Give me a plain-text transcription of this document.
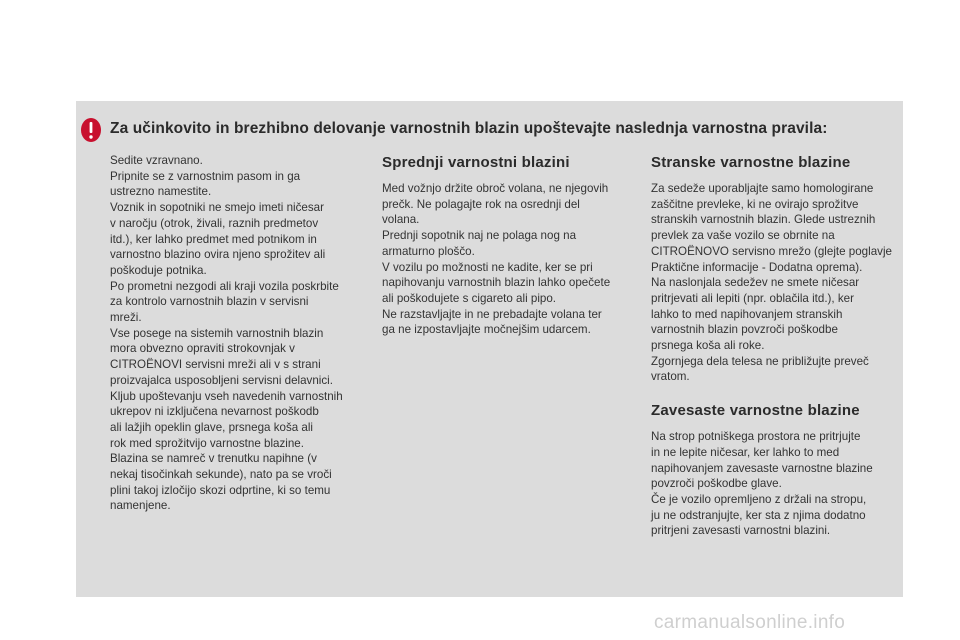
Za učinkovito in brezhibno delovanje varnostnih blazin upoštevajte naslednja varnostna pravila:

Sedite vzravnano.

Pripnite se z varnostnim pasom in ga

ustrezno namestite.

Voznik in sopotniki ne smejo imeti ničesar

v naročju (otrok, živali, raznih predmetov

itd.), ker lahko predmet med potnikom in

varnostno blazino ovira njeno sprožitev ali

poškoduje potnika.

Po prometni nezgodi ali kraji vozila poskrbite

za kontrolo varnostnih blazin v servisni

mreži.

Vse posege na sistemih varnostnih blazin

mora obvezno opraviti strokovnjak v

CITROËNOVI servisni mreži ali v s strani

proizvajalca usposobljeni servisni delavnici.

Kljub upoštevanju vseh navedenih varnostnih

ukrepov ni izključena nevarnost poškodb

ali lažjih opeklin glave, prsnega koša ali

rok med sprožitvijo varnostne blazine.

Blazina se namreč v trenutku napihne (v

nekaj tisočinkah sekunde), nato pa se vroči

plini takoj izločijo skozi odprtine, ki so temu

namenjene.

Sprednji varnostni blazini

Med vožnjo držite obroč volana, ne njegovih

prečk. Ne polagajte rok na osrednji del

volana.

Prednji sopotnik naj ne polaga nog na

armaturno ploščo.

V vozilu po možnosti ne kadite, ker se pri

napihovanju varnostnih blazin lahko opečete

ali poškodujete s cigareto ali pipo.

Ne razstavljajte in ne prebadajte volana ter

ga ne izpostavljajte močnejšim udarcem.

Stranske varnostne blazine

Za sedeže uporabljajte samo homologirane

zaščitne prevleke, ki ne ovirajo sprožitve

stranskih varnostnih blazin. Glede ustreznih

prevlek za vaše vozilo se obrnite na

CITROËNOVO servisno mrežo (glejte poglavje

Praktične informacije - Dodatna oprema).

Na naslonjala sedežev ne smete ničesar

pritrjevati ali lepiti (npr. oblačila itd.), ker

lahko to med napihovanjem stranskih

varnostnih blazin povzroči poškodbe

prsnega koša ali roke.

Zgornjega dela telesa ne približujte preveč

vratom.

Zavesaste varnostne blazine

Na strop potniškega prostora ne pritrjujte

in ne lepite ničesar, ker lahko to med

napihovanjem zavesaste varnostne blazine

povzroči poškodbe glave.

Če je vozilo opremljeno z držali na stropu,

ju ne odstranjujte, ker sta z njima dodatno

pritrjeni zavesasti varnostni blazini.

carmanualsonline.info
